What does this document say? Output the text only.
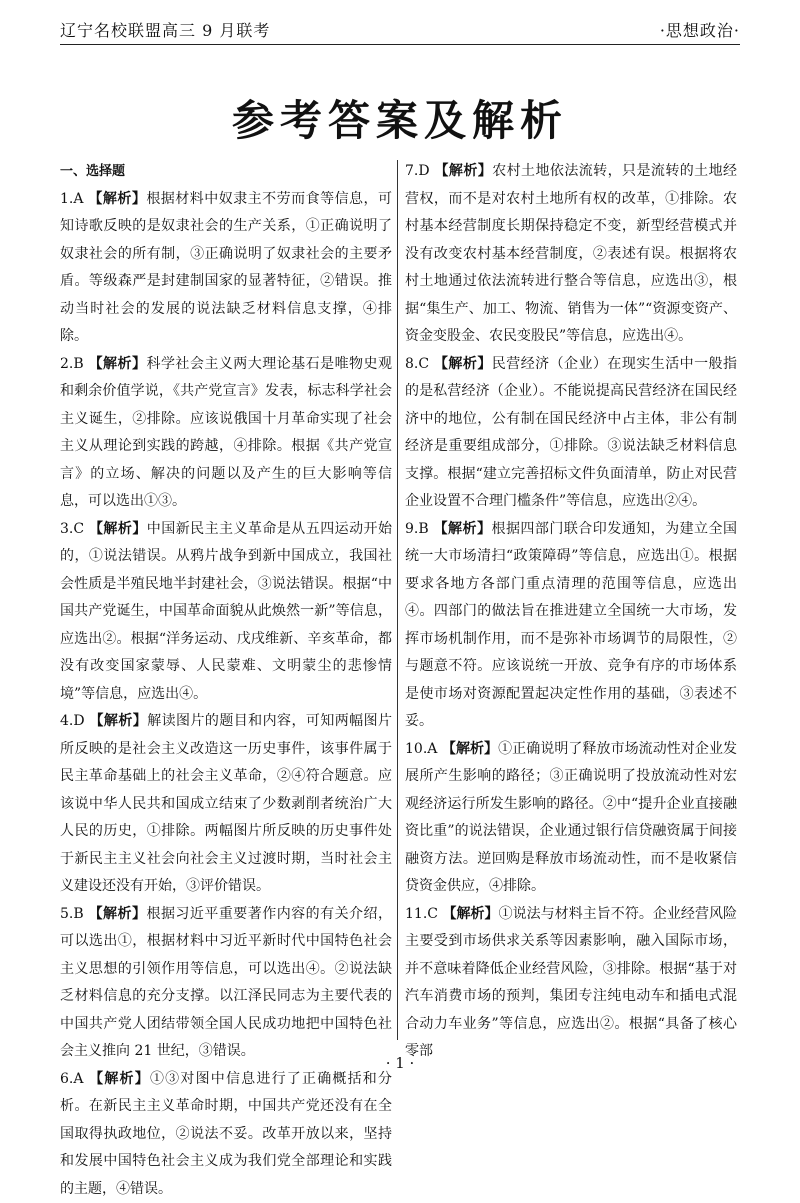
辽宁名校联盟高三 9 月联考	·思想政治·
参考答案及解析

一、选择题

1.A 【解析】根据材料中奴隶主不劳而食等信息，可知诗歌反映的是奴隶社会的生产关系，①正确说明了奴隶社会的所有制，③正确说明了奴隶社会的主要矛盾。等级森严是封建制国家的显著特征，②错误。推动当时社会的发展的说法缺乏材料信息支撑，④排除。

2.B 【解析】科学社会主义两大理论基石是唯物史观和剩余价值学说，《共产党宣言》发表，标志科学社会主义诞生，②排除。应该说俄国十月革命实现了社会主义从理论到实践的跨越，④排除。根据《共产党宣言》的立场、解决的问题以及产生的巨大影响等信息，可以选出①③。

3.C 【解析】中国新民主主义革命是从五四运动开始的，①说法错误。从鸦片战争到新中国成立，我国社会性质是半殖民地半封建社会，③说法错误。根据“中国共产党诞生，中国革命面貌从此焕然一新”等信息，应选出②。根据“洋务运动、戊戌维新、辛亥革命，都没有改变国家蒙辱、人民蒙难、文明蒙尘的悲惨情境”等信息，应选出④。

4.D 【解析】解读图片的题目和内容，可知两幅图片所反映的是社会主义改造这一历史事件，该事件属于民主革命基础上的社会主义革命，②④符合题意。应该说中华人民共和国成立结束了少数剥削者统治广大人民的历史，①排除。两幅图片所反映的历史事件处于新民主主义社会向社会主义过渡时期，当时社会主义建设还没有开始，③评价错误。

5.B 【解析】根据习近平重要著作内容的有关介绍，可以选出①，根据材料中习近平新时代中国特色社会主义思想的引领作用等信息，可以选出④。②说法缺乏材料信息的充分支撑。以江泽民同志为主要代表的中国共产党人团结带领全国人民成功地把中国特色社会主义推向 21 世纪，③错误。

6.A 【解析】①③对图中信息进行了正确概括和分析。在新民主主义革命时期，中国共产党还没有在全国取得执政地位，②说法不妥。改革开放以来，坚持和发展中国特色社会主义成为我们党全部理论和实践的主题，④错误。

7.D 【解析】农村土地依法流转，只是流转的土地经营权，而不是对农村土地所有权的改革，①排除。农村基本经营制度长期保持稳定不变，新型经营模式并没有改变农村基本经营制度，②表述有误。根据将农村土地通过依法流转进行整合等信息，应选出③，根据“集生产、加工、物流、销售为一体”“资源变资产、资金变股金、农民变股民”等信息，应选出④。

8.C 【解析】民营经济（企业）在现实生活中一般指的是私营经济（企业）。不能说提高民营经济在国民经济中的地位，公有制在国民经济中占主体，非公有制经济是重要组成部分，①排除。③说法缺乏材料信息支撑。根据“建立完善招标文件负面清单，防止对民营企业设置不合理门槛条件”等信息，应选出②④。

9.B 【解析】根据四部门联合印发通知，为建立全国统一大市场清扫“政策障碍”等信息，应选出①。根据要求各地方各部门重点清理的范围等信息，应选出④。四部门的做法旨在推进建立全国统一大市场，发挥市场机制作用，而不是弥补市场调节的局限性，②与题意不符。应该说统一开放、竞争有序的市场体系是使市场对资源配置起决定性作用的基础，③表述不妥。

10.A 【解析】①正确说明了释放市场流动性对企业发展所产生影响的路径；③正确说明了投放流动性对宏观经济运行所发生影响的路径。②中“提升企业直接融资比重”的说法错误，企业通过银行信贷融资属于间接融资方法。逆回购是释放市场流动性，而不是收紧信贷资金供应，④排除。

11.C 【解析】①说法与材料主旨不符。企业经营风险主要受到市场供求关系等因素影响，融入国际市场，并不意味着降低企业经营风险，③排除。根据“基于对汽车消费市场的预判，集团专注纯电动车和插电式混合动力车业务”等信息，应选出②。根据“具备了核心零部

· 1 ·
